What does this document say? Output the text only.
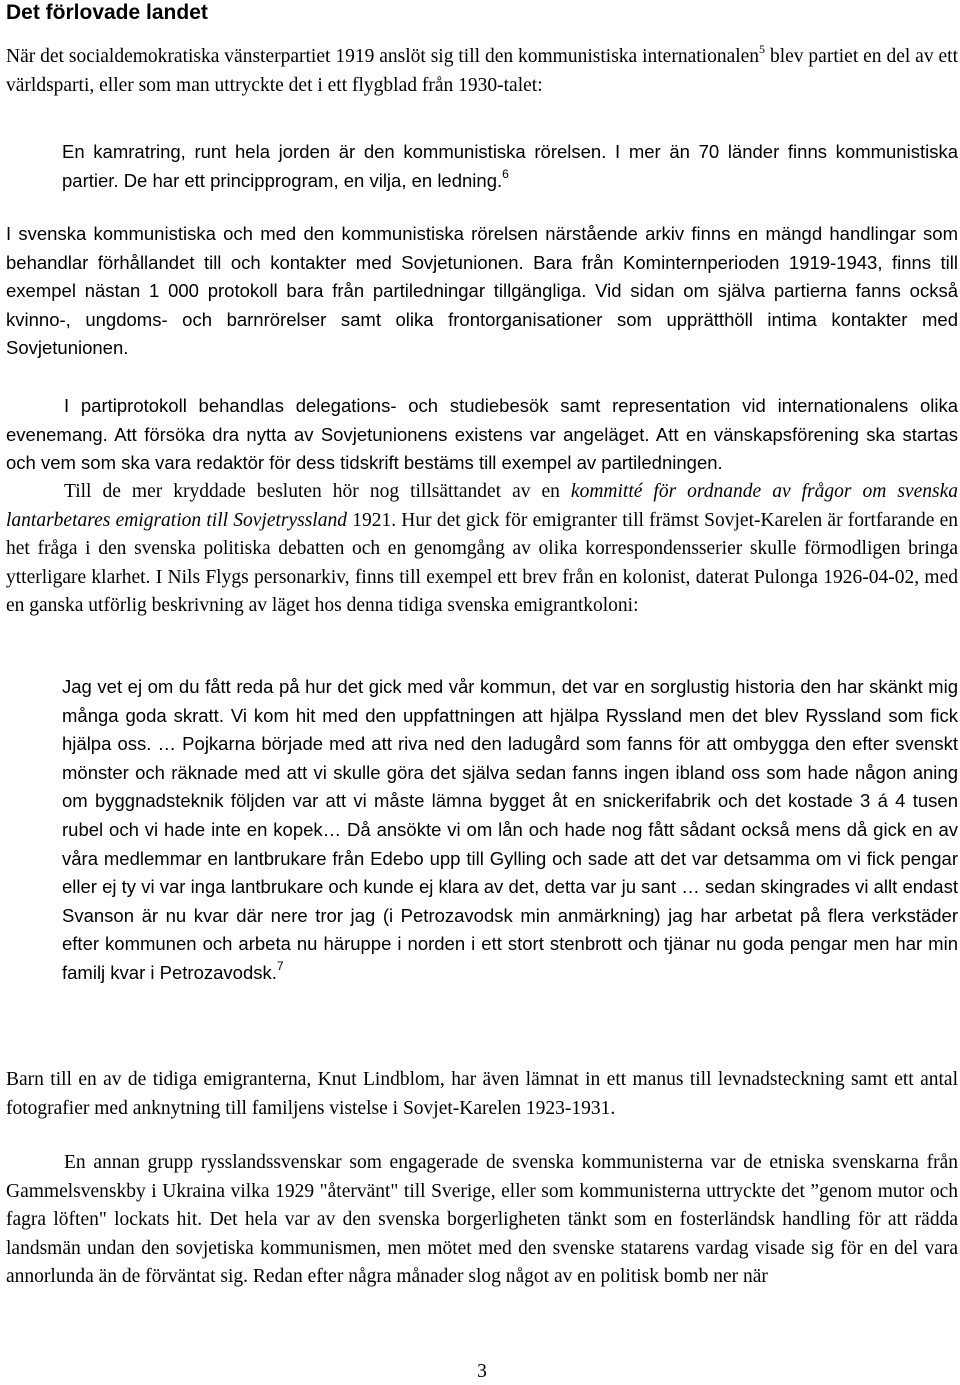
Det förlovade landet

När det socialdemokratiska vänsterpartiet 1919 anslöt sig till den kommunistiska internationalen$^5$ blev partiet en del av ett världsparti, eller som man uttryckte det i ett flygblad från 1930-talet:

En kamratring, runt hela jorden är den kommunistiska rörelsen. I mer än 70 länder finns kommunistiska partier. De har ett principprogram, en vilja, en ledning.$^6$

I svenska kommunistiska och med den kommunistiska rörelsen närstående arkiv finns en mängd handlingar som behandlar förhållandet till och kontakter med Sovjetunionen. Bara från Kominternperioden 1919-1943, finns till exempel nästan 1 000 protokoll bara från partiledningar tillgängliga. Vid sidan om själva partierna fanns också kvinno-, ungdoms- och barnrörelser samt olika frontorganisationer som upprätthöll intima kontakter med Sovjetunionen.

I partiprotokoll behandlas delegations- och studiebesök samt representation vid internationalens olika evenemang. Att försöka dra nytta av Sovjetunionens existens var angeläget. Att en vänskapsförening ska startas och vem som ska vara redaktör för dess tidskrift bestäms till exempel av partiledningen.

Till de mer kryddade besluten hör nog tillsättandet av en kommitté för ordnande av frågor om svenska lantarbetares emigration till Sovjetryssland 1921. Hur det gick för emigranter till främst Sovjet-Karelen är fortfarande en het fråga i den svenska politiska debatten och en genomgång av olika korrespondensserier skulle förmodligen bringa ytterligare klarhet. I Nils Flygs personarkiv, finns till exempel ett brev från en kolonist, daterat Pulonga 1926-04-02, med en ganska utförlig beskrivning av läget hos denna tidiga svenska emigrantkoloni:

Jag vet ej om du fått reda på hur det gick med vår kommun, det var en sorglustig historia den har skänkt mig många goda skratt. Vi kom hit med den uppfattningen att hjälpa Ryssland men det blev Ryssland som fick hjälpa oss. … Pojkarna började med att riva ned den ladugård som fanns för att ombygga den efter svenskt mönster och räknade med att vi skulle göra det själva sedan fanns ingen ibland oss som hade någon aning om byggnadsteknik följden var att vi måste lämna bygget åt en snickerifabrik och det kostade 3 á 4 tusen rubel och vi hade inte en kopek… Då ansökte vi om lån och hade nog fått sådant också mens då gick en av våra medlemmar en lantbrukare från Edebo upp till Gylling och sade att det var detsamma om vi fick pengar eller ej ty vi var inga lantbrukare och kunde ej klara av det, detta var ju sant … sedan skingrades vi allt endast Svanson är nu kvar där nere tror jag (i Petrozavodsk min anmärkning) jag har arbetat på flera verkstäder efter kommunen och arbeta nu häruppe i norden i ett stort stenbrott och tjänar nu goda pengar men har min familj kvar i Petrozavodsk.$^7$

Barn till en av de tidiga emigranterna, Knut Lindblom, har även lämnat in ett manus till levnadsteckning samt ett antal fotografier med anknytning till familjens vistelse i Sovjet-Karelen 1923-1931.

En annan grupp rysslandssvenskar som engagerade de svenska kommunisterna var de etniska svenskarna från Gammelsvenskby i Ukraina vilka 1929 "återvänt" till Sverige, eller som kommunisterna uttryckte det ”genom mutor och fagra löften" lockats hit. Det hela var av den svenska borgerligheten tänkt som en fosterländsk handling för att rädda landsmän undan den sovjetiska kommunismen, men mötet med den svenske statarens vardag visade sig för en del vara annorlunda än de förväntat sig. Redan efter några månader slog något av en politisk bomb ner när

3
